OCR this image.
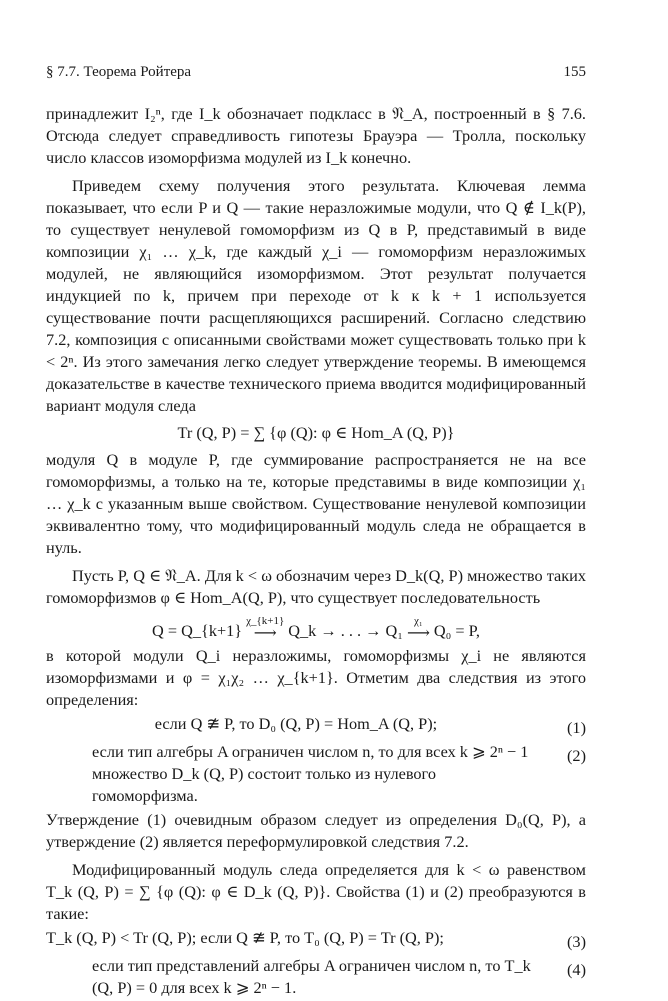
§ 7.7. Теорема Ройтера	155

принадлежит I₂ⁿ, где I_k обозначает подкласс в 𝔑_A, построенный в § 7.6. Отсюда следует справедливость гипотезы Брауэра — Тролла, поскольку число классов изоморфизма модулей из I_k конечно.

Приведем схему получения этого результата. Ключевая лемма показывает, что если P и Q — такие неразложимые модули, что Q ∉ I_k(P), то существует ненулевой гомоморфизм из Q в P, представимый в виде композиции χ₁ … χ_k, где каждый χ_i — гомоморфизм неразложимых модулей, не являющийся изоморфизмом. Этот результат получается индукцией по k, причем при переходе от k к k + 1 используется существование почти расщепляющихся расширений. Согласно следствию 7.2, композиция с описанными свойствами может существовать только при k < 2ⁿ. Из этого замечания легко следует утверждение теоремы. В имеющемся доказательстве в качестве технического приема вводится модифицированный вариант модуля следа

Tr (Q, P) = ∑ {φ (Q): φ ∈ Hom_A (Q, P)}

модуля Q в модуле P, где суммирование распространяется не на все гомоморфизмы, а только на те, которые представимы в виде композиции χ₁ … χ_k с указанным выше свойством. Существование ненулевой композиции эквивалентно тому, что модифицированный модуль следа не обращается в нуль.

Пусть P, Q ∈ 𝔑_A. Для k < ω обозначим через D_k(Q, P) множество таких гомоморфизмов φ ∈ Hom_A(Q, P), что существует последовательность

Q = Q_{k+1} χ_{k+1}
⟶ Q_k → . . . → Q₁ χ₁
⟶ Q₀ = P,

в которой модули Q_i неразложимы, гомоморфизмы χ_i не являются изоморфизмами и φ = χ₁χ₂ … χ_{k+1}. Отметим два следствия из этого определения:

если Q ≇ P, то D₀ (Q, P) = Hom_A (Q, P);	(1)
если тип алгебры A ограничен числом n, то для всех k ⩾ 2ⁿ − 1 множество D_k (Q, P) состоит только из нулевого гомоморфизма.
(2)

Утверждение (1) очевидным образом следует из определения D₀(Q, P), а утверждение (2) является переформулировкой следствия 7.2.

Модифицированный модуль следа определяется для k < ω равенством T_k (Q, P) = ∑ {φ (Q): φ ∈ D_k (Q, P)}. Свойства (1) и (2) преобразуются в такие:

T_k (Q, P) < Tr (Q, P); если Q ≇ P, то T₀ (Q, P) = Tr (Q, P);	(3)
если тип представлений алгебры A ограничен числом n, то T_k (Q, P) = 0 для всех k ⩾ 2ⁿ − 1.
(4)
